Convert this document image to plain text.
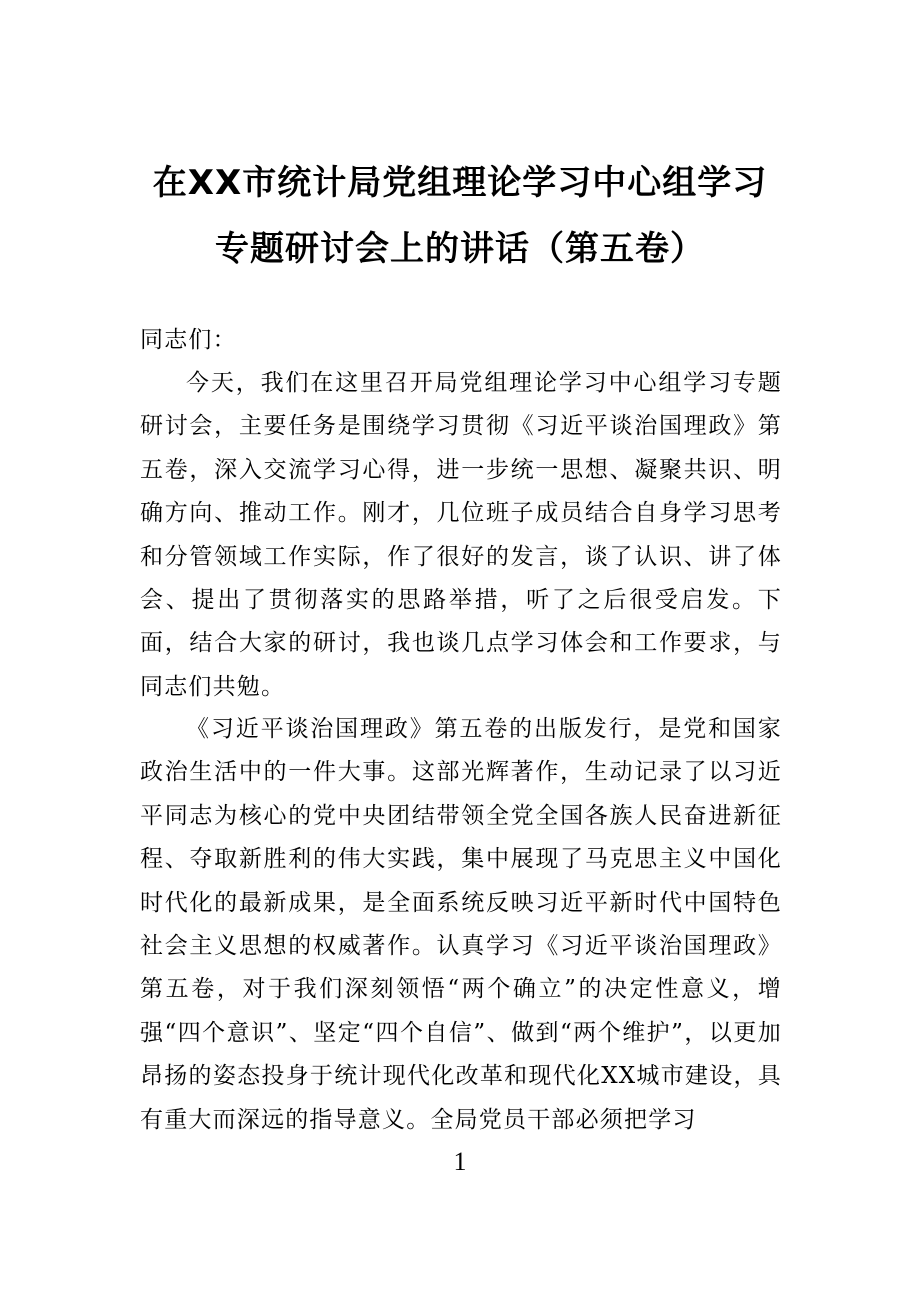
在XX市统计局党组理论学习中心组学习
专题研讨会上的讲话（第五卷）
同志们：

今天，我们在这里召开局党组理论学习中心组学习专题研讨会，主要任务是围绕学习贯彻《习近平谈治国理政》第五卷，深入交流学习心得，进一步统一思想、凝聚共识、明确方向、推动工作。刚才，几位班子成员结合自身学习思考和分管领域工作实际，作了很好的发言，谈了认识、讲了体会、提出了贯彻落实的思路举措，听了之后很受启发。下面，结合大家的研讨，我也谈几点学习体会和工作要求，与同志们共勉。

《习近平谈治国理政》第五卷的出版发行，是党和国家政治生活中的一件大事。这部光辉著作，生动记录了以习近平同志为核心的党中央团结带领全党全国各族人民奋进新征程、夺取新胜利的伟大实践，集中展现了马克思主义中国化时代化的最新成果，是全面系统反映习近平新时代中国特色社会主义思想的权威著作。认真学习《习近平谈治国理政》第五卷，对于我们深刻领悟“两个确立”的决定性意义，增强“四个意识”、坚定“四个自信”、做到“两个维护”，以更加昂扬的姿态投身于统计现代化改革和现代化XX城市建设，具有重大而深远的指导意义。全局党员干部必须把学习

1
